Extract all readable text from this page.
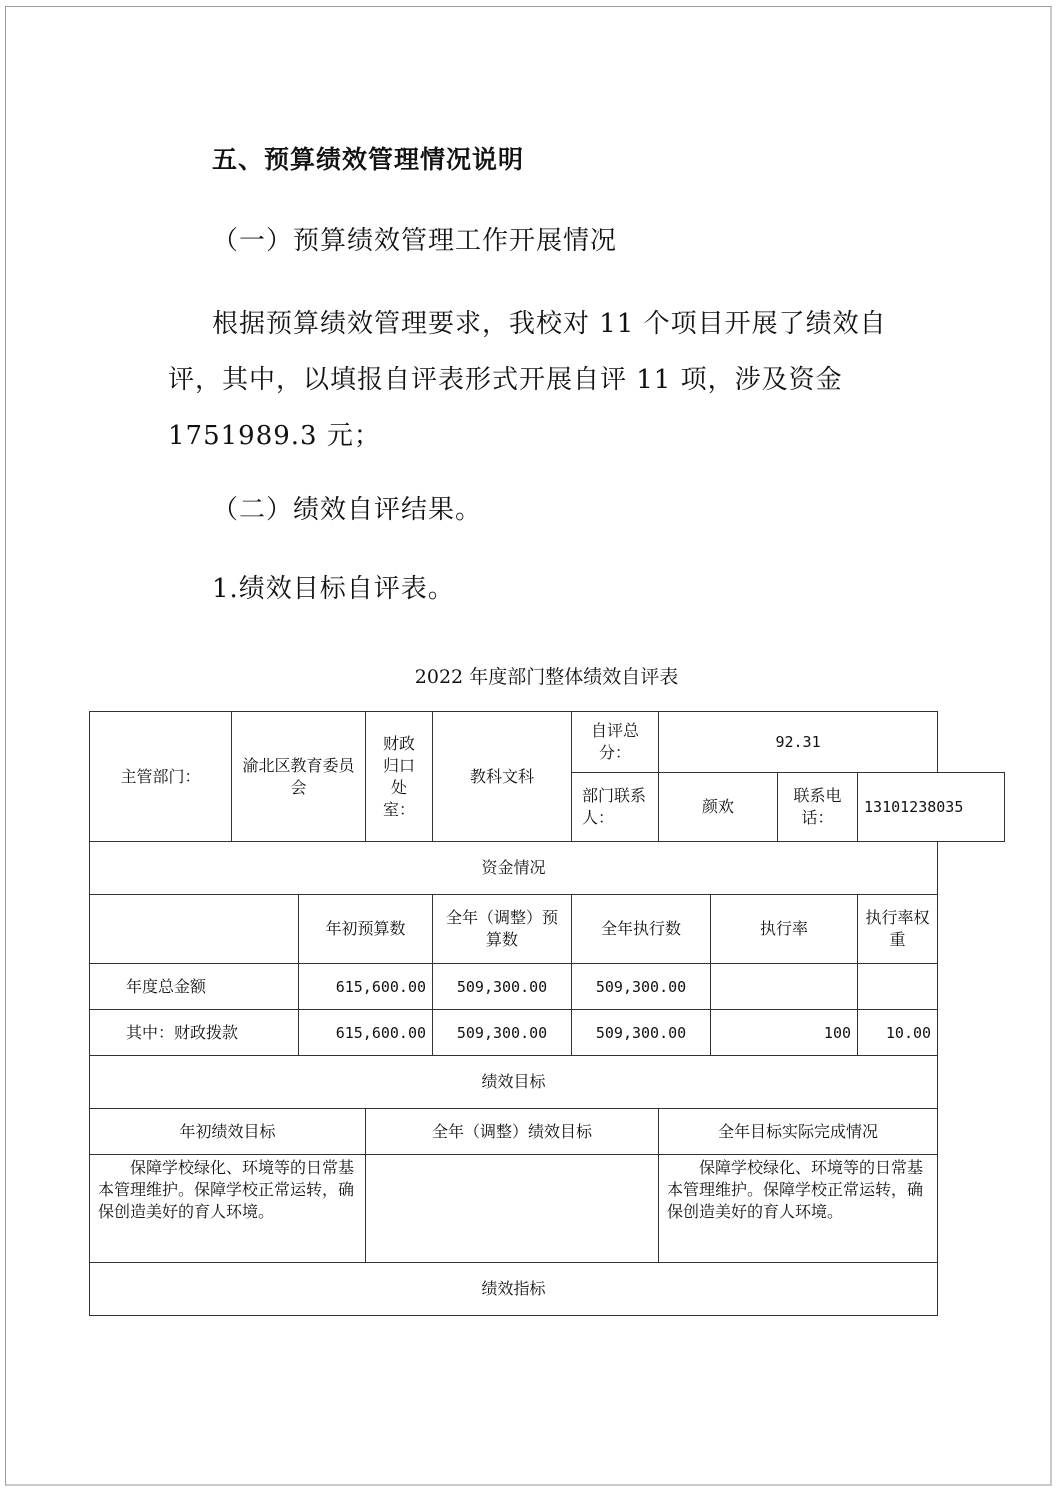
五、预算绩效管理情况说明
（一）预算绩效管理工作开展情况
根据预算绩效管理要求，我校对 11 个项目开展了绩效自评，其中，以填报自评表形式开展自评 11 项，涉及资金 1751989.3 元；
（二）绩效自评结果。
1.绩效目标自评表。
2022 年度部门整体绩效自评表
主管部门：	渝北区教育委员会		财政归口处室：	教科文科	自评总分：	92.31			
					部门联系人：	颜欢		联系电话：	13101238035
资金情况									
		年初预算数		全年（调整）预算数	全年执行数		执行率		执行率权重
年度总金额		615,600.00		509,300.00	509,300.00				
其中：财政拨款		615,600.00		509,300.00	509,300.00		100		10.00
绩效目标									
年初绩效目标			全年（调整）绩效目标			全年目标实际完成情况			
保障学校绿化、环境等的日常基本管理维护。保障学校正常运转，确保创造美好的育人环境。						保障学校绿化、环境等的日常基本管理维护。保障学校正常运转，确保创造美好的育人环境。			
绩效指标									
